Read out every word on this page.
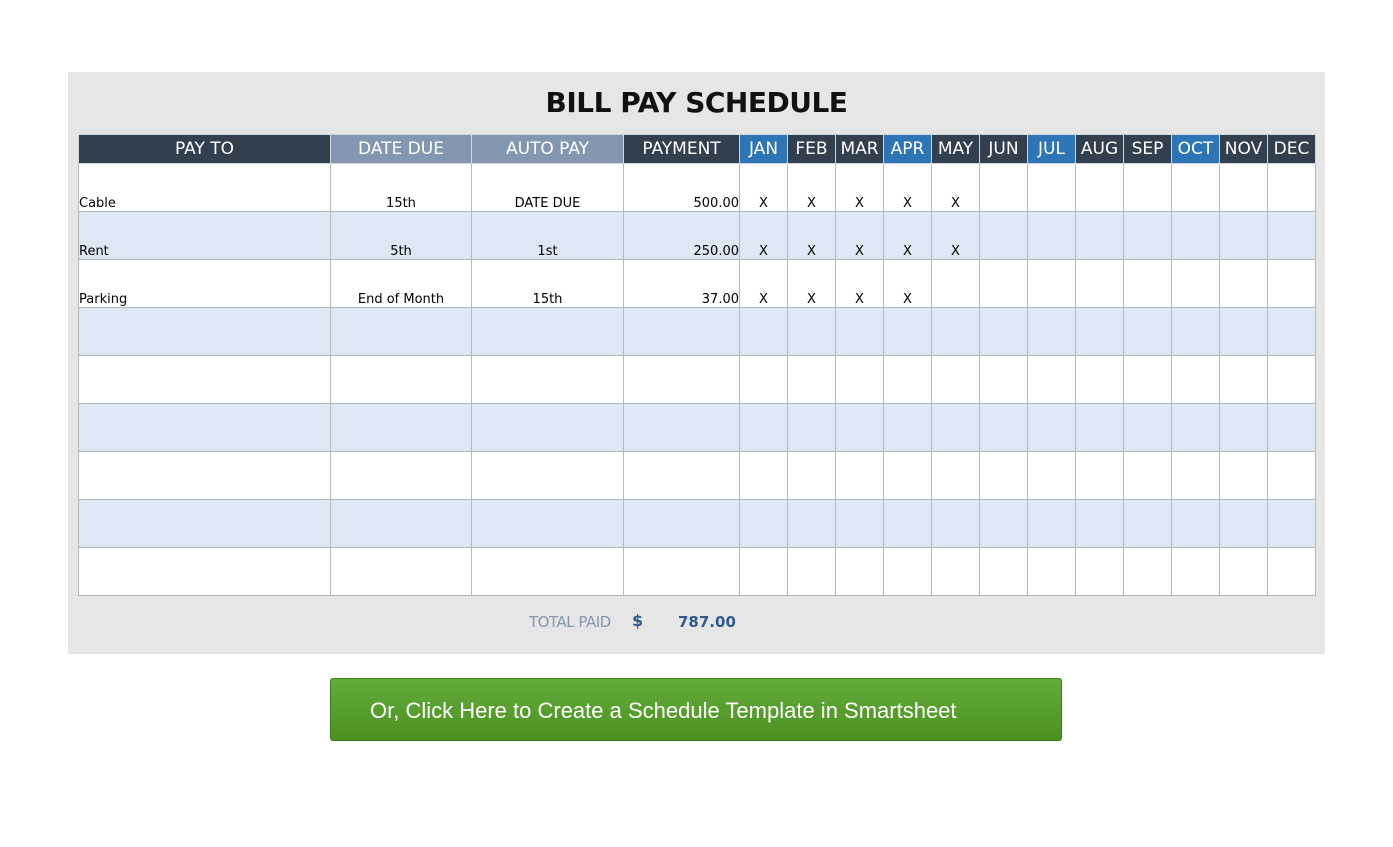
BILL PAY SCHEDULE
PAY TO	DATE DUE	AUTO PAY	PAYMENT	JAN	FEB	MAR	APR	MAY	JUN	JUL	AUG	SEP	OCT	NOV	DEC
Cable	15th	DATE DUE	500.00	X	X	X	X	X							
Rent	5th	1st	250.00	X	X	X	X	X							
Parking	End of Month	15th	37.00	X	X	X	X								

TOTAL PAID $ 787.00
Or, Click Here to Create a Schedule Template in Smartsheet
